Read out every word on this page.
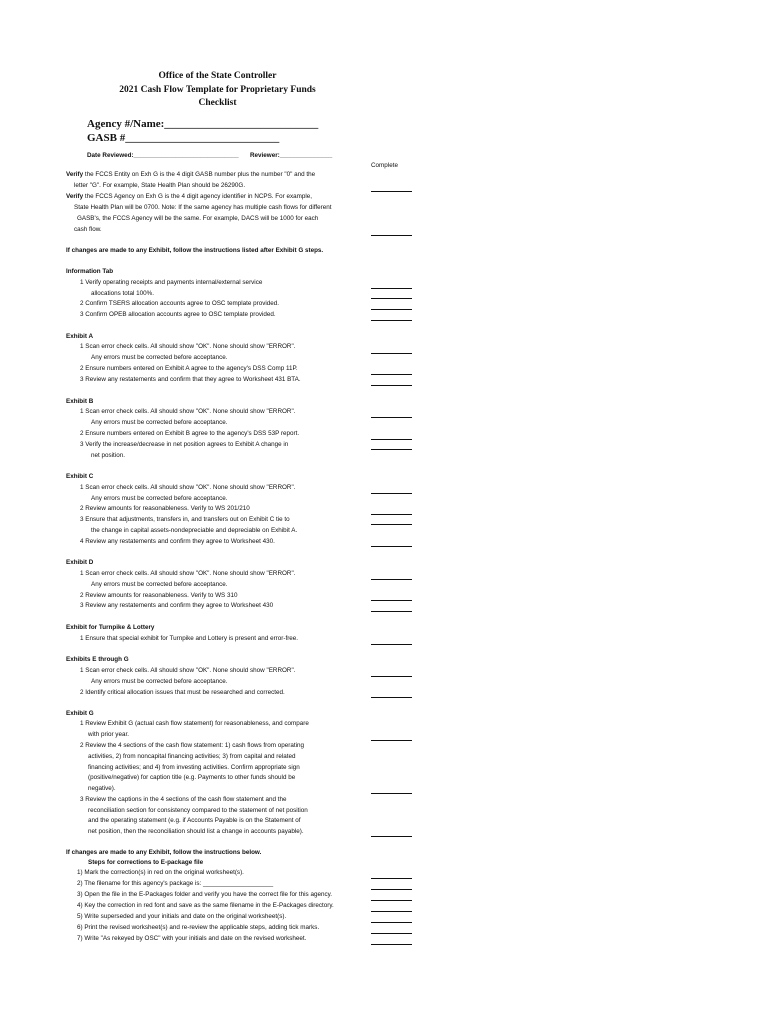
Office of the State Controller
2021 Cash Flow Template for Proprietary Funds
Checklist
Agency #/Name:____________________________
GASB #____________________________
Date Reviewed:______________________________ Reviewer:_______________
Complete
Verify the FCCS Entity on Exh G is the 4 digit GASB number plus the number "0" and the
letter "G". For example, State Health Plan should be 26290G.
Verify the FCCS Agency on Exh G is the 4 digit agency identifier in NCPS. For example,
State Health Plan will be 0700. Note: If the same agency has multiple cash flows for different
GASB's, the FCCS Agency will be the same. For example, DACS will be 1000 for each
cash flow.
If changes are made to any Exhibit, follow the instructions listed after Exhibit G steps.
Information Tab
1 Verify operating receipts and payments internal/external service
allocations total 100%.
2 Confirm TSERS allocation accounts agree to OSC template provided.
3 Confirm OPEB allocation accounts agree to OSC template provided.
Exhibit A
1 Scan error check cells. All should show "OK". None should show "ERROR".
Any errors must be corrected before acceptance.
2 Ensure numbers entered on Exhibit A agree to the agency's DSS Comp 11P.
3 Review any restatements and confirm that they agree to Worksheet 431 BTA.
Exhibit B
1 Scan error check cells. All should show "OK". None should show "ERROR".
Any errors must be corrected before acceptance.
2 Ensure numbers entered on Exhibit B agree to the agency's DSS 53P report.
3 Verify the increase/decrease in net position agrees to Exhibit A change in
net position.
Exhibit C
1 Scan error check cells. All should show "OK". None should show "ERROR".
Any errors must be corrected before acceptance.
2 Review amounts for reasonableness. Verify to WS 201/210
3 Ensure that adjustments, transfers in, and transfers out on Exhibit C tie to
the change in capital assets-nondepreciable and depreciable on Exhibit A.
4 Review any restatements and confirm they agree to Worksheet 430.
Exhibit D
1 Scan error check cells. All should show "OK". None should show "ERROR".
Any errors must be corrected before acceptance.
2 Review amounts for reasonableness. Verify to WS 310
3 Review any restatements and confirm they agree to Worksheet 430
Exhibit for Turnpike & Lottery
1 Ensure that special exhibit for Turnpike and Lottery is present and error-free.
Exhibits E through G
1 Scan error check cells. All should show "OK". None should show "ERROR".
Any errors must be corrected before acceptance.
2 Identify critical allocation issues that must be researched and corrected.
Exhibit G
1 Review Exhibit G (actual cash flow statement) for reasonableness, and compare
with prior year.
2 Review the 4 sections of the cash flow statement: 1) cash flows from operating
activities, 2) from noncapital financing activities; 3) from capital and related
financing activities; and 4) from investing activities. Confirm appropriate sign
(positive/negative) for caption title (e.g. Payments to other funds should be
negative).
3 Review the captions in the 4 sections of the cash flow statement and the
reconciliation section for consistency compared to the statement of net position
and the operating statement (e.g. if Accounts Payable is on the Statement of
net position, then the reconciliation should list a change in accounts payable).
If changes are made to any Exhibit, follow the instructions below.
Steps for corrections to E-package file
1) Mark the correction(s) in red on the original worksheet(s).
2) The filename for this agency's package is: ____________________
3) Open the file in the E-Packages folder and verify you have the correct file for this agency.
4) Key the correction in red font and save as the same filename in the E-Packages directory.
5) Write superseded and your initials and date on the original worksheet(s).
6) Print the revised worksheet(s) and re-review the applicable steps, adding tick marks.
7) Write "As rekeyed by OSC" with your initials and date on the revised worksheet.
